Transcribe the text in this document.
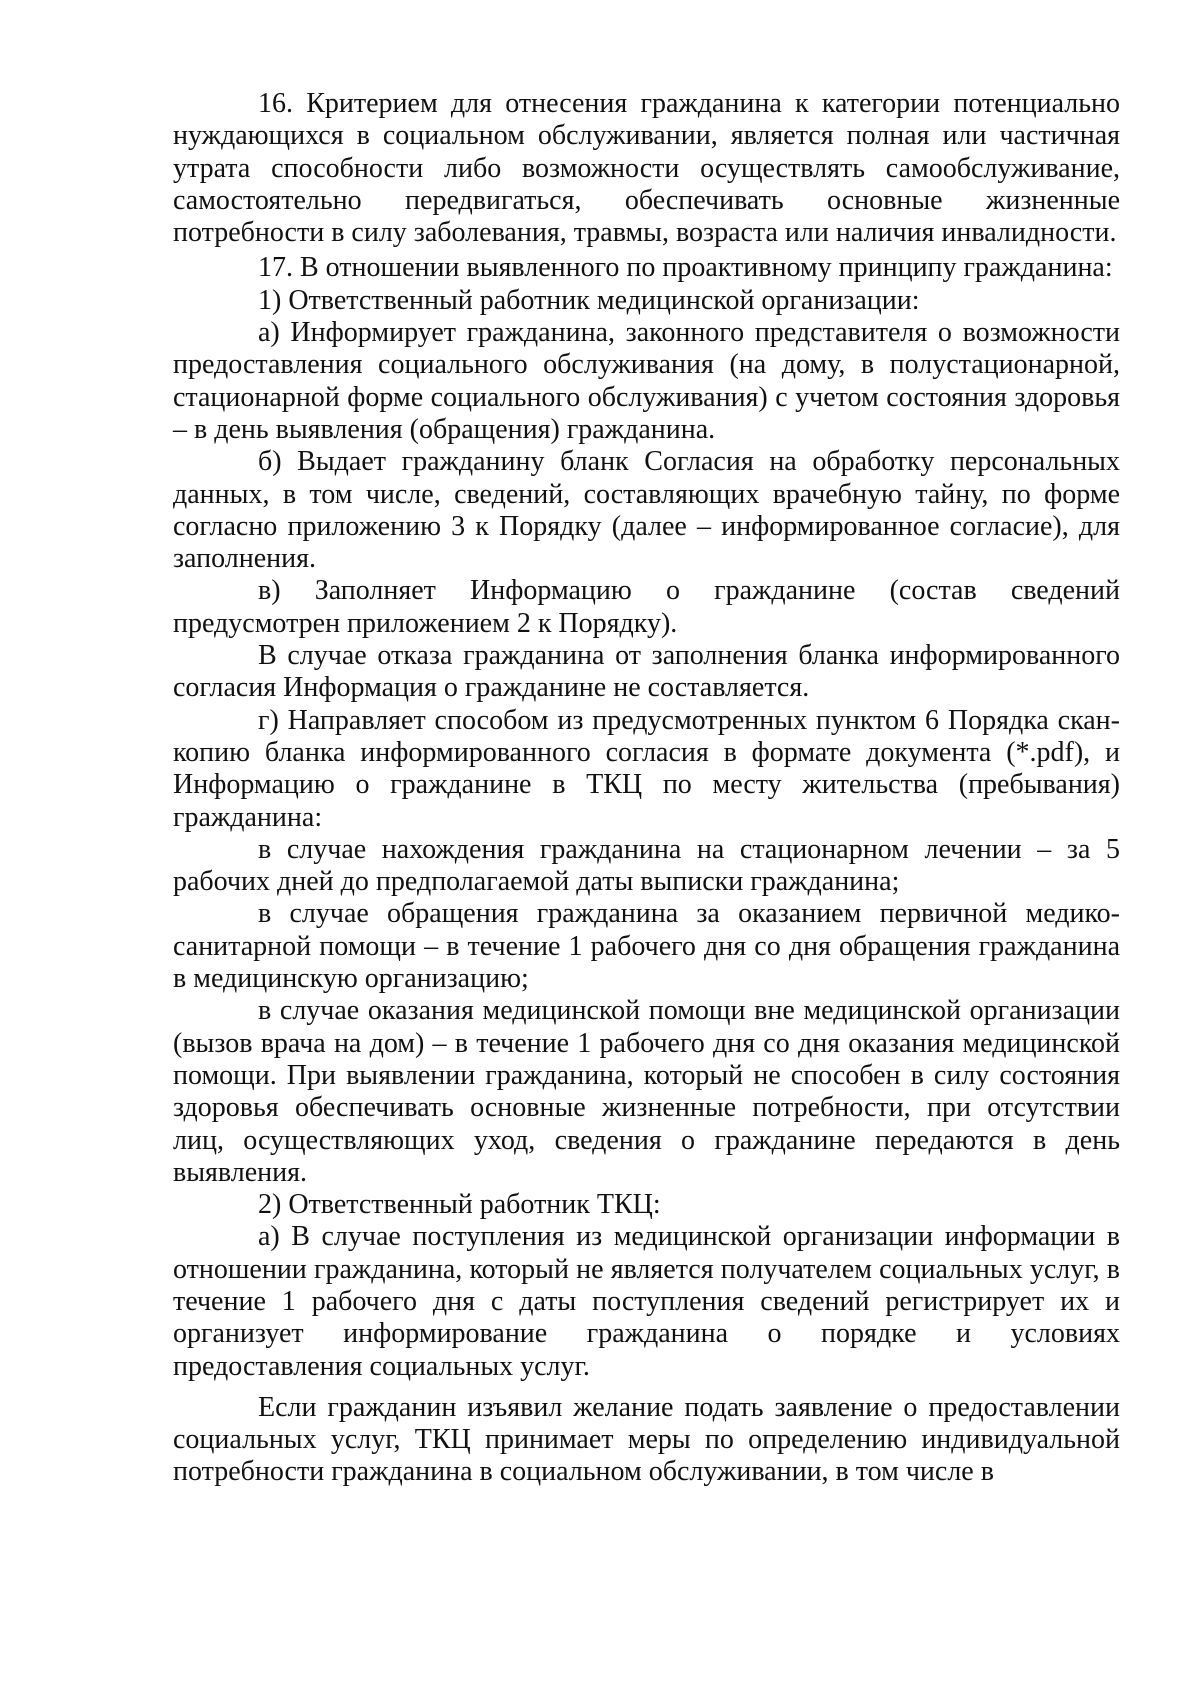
16. Критерием для отнесения гражданина к категории потенциально нуждающихся в социальном обслуживании, является полная или частичная утрата способности либо возможности осуществлять самообслуживание, самостоятельно передвигаться, обеспечивать основные жизненные потребности в силу заболевания, травмы, возраста или наличия инвалидности.

17. В отношении выявленного по проактивному принципу гражданина:

1) Ответственный работник медицинской организации:

а) Информирует гражданина, законного представителя о возможности предоставления социального обслуживания (на дому, в полустационарной, стационарной форме социального обслуживания) с учетом состояния здоровья – в день выявления (обращения) гражданина.

б) Выдает гражданину бланк Согласия на обработку персональных данных, в том числе, сведений, составляющих врачебную тайну, по форме согласно приложению 3 к Порядку (далее – информированное согласие), для заполнения.

в) Заполняет Информацию о гражданине (состав сведений предусмотрен приложением 2 к Порядку).

В случае отказа гражданина от заполнения бланка информированного согласия Информация о гражданине не составляется.

г) Направляет способом из предусмотренных пунктом 6 Порядка скан-копию бланка информированного согласия в формате документа (*.pdf), и Информацию о гражданине в ТКЦ по месту жительства (пребывания) гражданина:

в случае нахождения гражданина на стационарном лечении – за 5 рабочих дней до предполагаемой даты выписки гражданина;

в случае обращения гражданина за оказанием первичной медико-санитарной помощи – в течение 1 рабочего дня со дня обращения гражданина в медицинскую организацию;

в случае оказания медицинской помощи вне медицинской организации (вызов врача на дом) – в течение 1 рабочего дня со дня оказания медицинской помощи. При выявлении гражданина, который не способен в силу состояния здоровья обеспечивать основные жизненные потребности, при отсутствии лиц, осуществляющих уход, сведения о гражданине передаются в день выявления.

2) Ответственный работник ТКЦ:

а) В случае поступления из медицинской организации информации в отношении гражданина, который не является получателем социальных услуг, в течение 1 рабочего дня с даты поступления сведений регистрирует их и организует информирование гражданина о порядке и условиях предоставления социальных услуг.

Если гражданин изъявил желание подать заявление о предоставлении социальных услуг, ТКЦ принимает меры по определению индивидуальной потребности гражданина в социальном обслуживании, в том числе в
